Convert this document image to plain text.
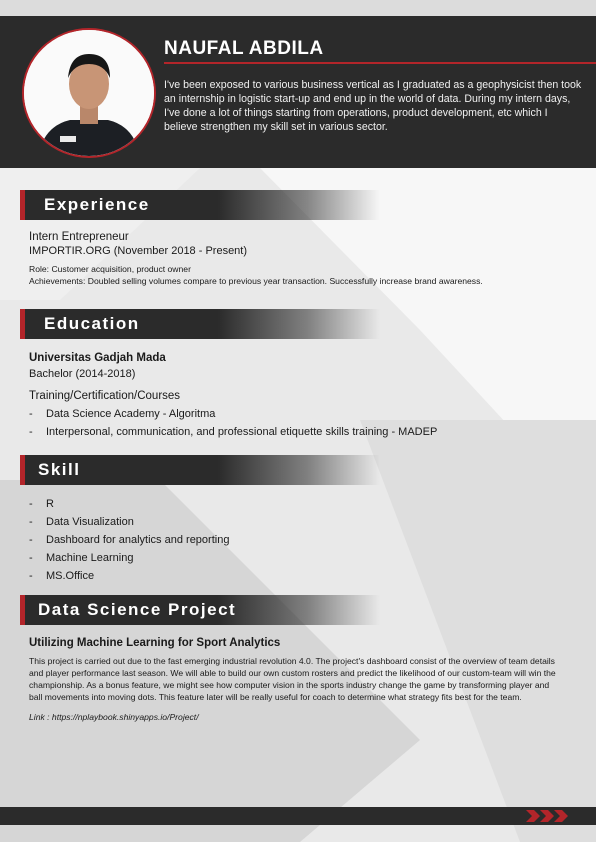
NAUFAL ABDILA
I've been exposed to various business vertical as I graduated as a geophysicist then took an internship in logistic start-up and end up in the world of data. During my intern days, I've done a lot of things starting from operations, product development, etc which I believe strengthen my skill set in various sector.
Experience
Intern Entrepreneur
IMPORTIR.ORG (November 2018 - Present)
Role: Customer acquisition, product owner
Achievements: Doubled selling volumes compare to previous year transaction. Successfully increase brand awareness.
Education
Universitas Gadjah Mada
Bachelor (2014-2018)
Training/Certification/Courses
- Data Science Academy - Algoritma
- Interpersonal, communication, and professional etiquette skills training - MADEP
Skill
- R
- Data Visualization
- Dashboard for analytics and reporting
- Machine Learning
- MS.Office
Data Science Project
Utilizing Machine Learning for Sport Analytics
This project is carried out due to the fast emerging industrial revolution 4.0. The project's dashboard consist of the overview of team details and player performance last season. We will able to build our own custom rosters and predict the likelihood of our custom-team will win the championship. As a bonus feature, we might see how computer vision in the sports industry change the game by transforming player and ball movements into moving dots. This feature later will be really useful for coach to determine what strategy fits best for the team.
Link : https://nplaybook.shinyapps.io/Project/
